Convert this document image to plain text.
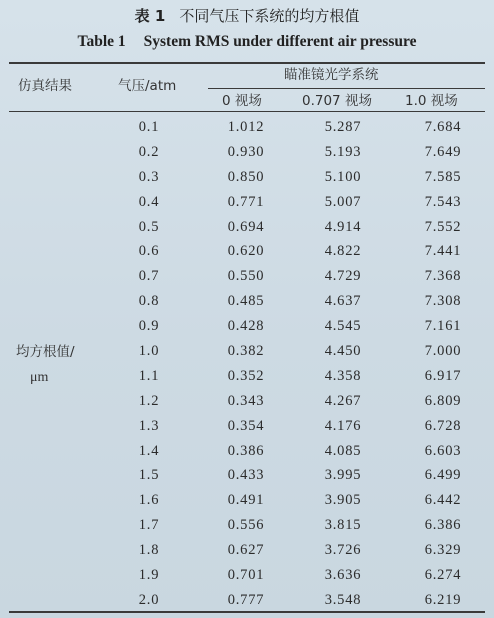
表 1 不同气压下系统的均方根值
Table 1 System RMS under different air pressure
仿真结果	气压/atm
瞄准镜光学系统
0 视场	0.707 视场 1.0 视场
均方根值/
μm
0.1
0.2
0.3
0.4
0.5
0.6
0.7
0.8
0.9
1.0
1.1
1.2
1.3
1.4
1.5
1.6
1.7
1.8
1.9
2.0
1.012
0.930
0.850
0.771
0.694
0.620
0.550
0.485
0.428
0.382
0.352
0.343
0.354
0.386
0.433
0.491
0.556
0.627
0.701
0.777
5.287
5.193
5.100
5.007
4.914
4.822
4.729
4.637
4.545
4.450
4.358
4.267
4.176
4.085
3.995
3.905
3.815
3.726
3.636
3.548
7.684
7.649
7.585
7.543
7.552
7.441
7.368
7.308
7.161
7.000
6.917
6.809
6.728
6.603
6.499
6.442
6.386
6.329
6.274
6.219
